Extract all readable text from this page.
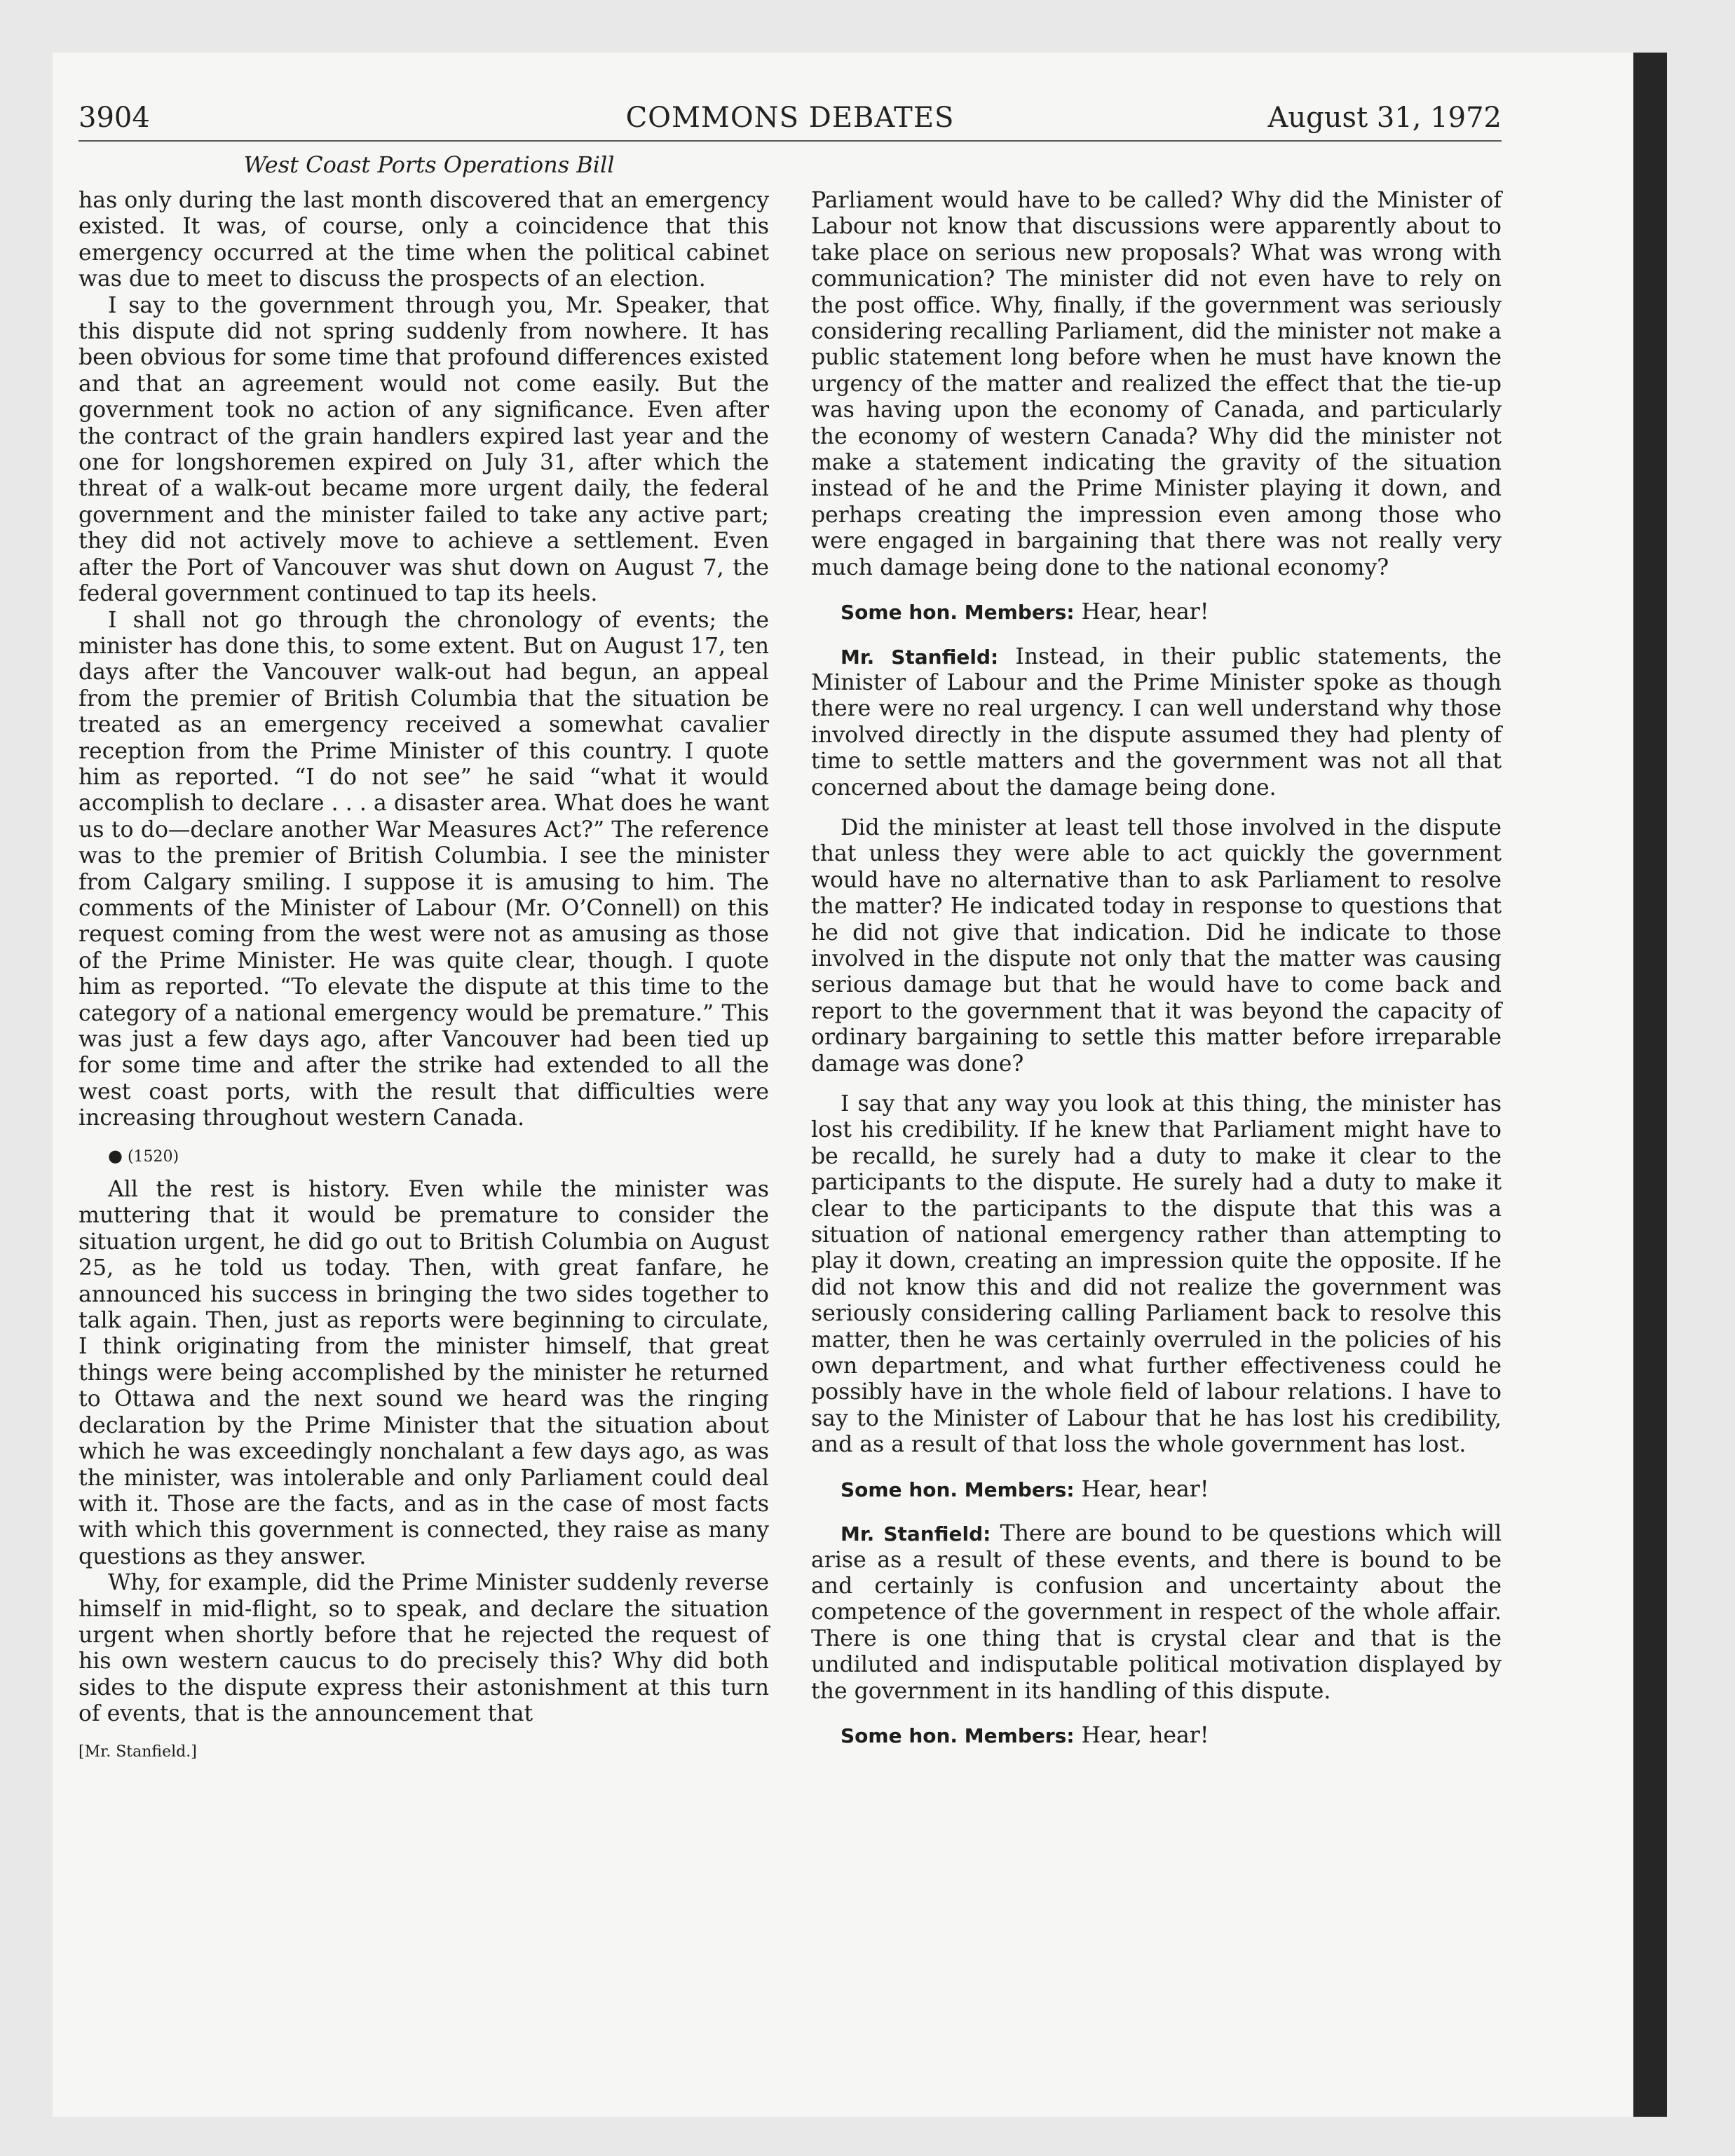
3904	COMMONS DEBATES	August 31, 1972
West Coast Ports Operations Bill

has only during the last month discovered that an emergency existed. It was, of course, only a coincidence that this emergency occurred at the time when the political cabinet was due to meet to discuss the prospects of an election.

I say to the government through you, Mr. Speaker, that this dispute did not spring suddenly from nowhere. It has been obvious for some time that profound differences existed and that an agreement would not come easily. But the government took no action of any significance. Even after the contract of the grain handlers expired last year and the one for longshoremen expired on July 31, after which the threat of a walk-out became more urgent daily, the federal government and the minister failed to take any active part; they did not actively move to achieve a settlement. Even after the Port of Vancouver was shut down on August 7, the federal government continued to tap its heels.

I shall not go through the chronology of events; the minister has done this, to some extent. But on August 17, ten days after the Vancouver walk-out had begun, an appeal from the premier of British Columbia that the situation be treated as an emergency received a somewhat cavalier reception from the Prime Minister of this country. I quote him as reported. “I do not see” he said “what it would accomplish to declare . . . a disaster area. What does he want us to do—declare another War Measures Act?” The reference was to the premier of British Columbia. I see the minister from Calgary smiling. I suppose it is amusing to him. The comments of the Minister of Labour (Mr. O’Connell) on this request coming from the west were not as amusing as those of the Prime Minister. He was quite clear, though. I quote him as reported. “To elevate the dispute at this time to the category of a national emergency would be premature.” This was just a few days ago, after Vancouver had been tied up for some time and after the strike had extended to all the west coast ports, with the result that difficulties were increasing throughout western Canada.

● (1520)

All the rest is history. Even while the minister was muttering that it would be premature to consider the situation urgent, he did go out to British Columbia on August 25, as he told us today. Then, with great fanfare, he announced his success in bringing the two sides together to talk again. Then, just as reports were beginning to circulate, I think originating from the minister himself, that great things were being accomplished by the minister he returned to Ottawa and the next sound we heard was the ringing declaration by the Prime Minister that the situation about which he was exceedingly nonchalant a few days ago, as was the minister, was intolerable and only Parliament could deal with it. Those are the facts, and as in the case of most facts with which this government is connected, they raise as many questions as they answer.

Why, for example, did the Prime Minister suddenly reverse himself in mid-flight, so to speak, and declare the situation urgent when shortly before that he rejected the request of his own western caucus to do precisely this? Why did both sides to the dispute express their astonishment at this turn of events, that is the announcement that

[Mr. Stanfield.]

Parliament would have to be called? Why did the Minister of Labour not know that discussions were apparently about to take place on serious new proposals? What was wrong with communication? The minister did not even have to rely on the post office. Why, finally, if the government was seriously considering recalling Parliament, did the minister not make a public statement long before when he must have known the urgency of the matter and realized the effect that the tie-up was having upon the economy of Canada, and particularly the economy of western Canada? Why did the minister not make a statement indicating the gravity of the situation instead of he and the Prime Minister playing it down, and perhaps creating the impression even among those who were engaged in bargaining that there was not really very much damage being done to the national economy?

Some hon. Members: Hear, hear!

Mr. Stanfield: Instead, in their public statements, the Minister of Labour and the Prime Minister spoke as though there were no real urgency. I can well understand why those involved directly in the dispute assumed they had plenty of time to settle matters and the government was not all that concerned about the damage being done.

Did the minister at least tell those involved in the dispute that unless they were able to act quickly the government would have no alternative than to ask Parliament to resolve the matter? He indicated today in response to questions that he did not give that indication. Did he indicate to those involved in the dispute not only that the matter was causing serious damage but that he would have to come back and report to the government that it was beyond the capacity of ordinary bargaining to settle this matter before irreparable damage was done?

I say that any way you look at this thing, the minister has lost his credibility. If he knew that Parliament might have to be recalld, he surely had a duty to make it clear to the participants to the dispute. He surely had a duty to make it clear to the participants to the dispute that this was a situation of national emergency rather than attempting to play it down, creating an impression quite the opposite. If he did not know this and did not realize the government was seriously considering calling Parliament back to resolve this matter, then he was certainly overruled in the policies of his own department, and what further effectiveness could he possibly have in the whole field of labour relations. I have to say to the Minister of Labour that he has lost his credibility, and as a result of that loss the whole government has lost.

Some hon. Members: Hear, hear!

Mr. Stanfield: There are bound to be questions which will arise as a result of these events, and there is bound to be and certainly is confusion and uncertainty about the competence of the government in respect of the whole affair. There is one thing that is crystal clear and that is the undiluted and indisputable political motivation displayed by the government in its handling of this dispute.

Some hon. Members: Hear, hear!
